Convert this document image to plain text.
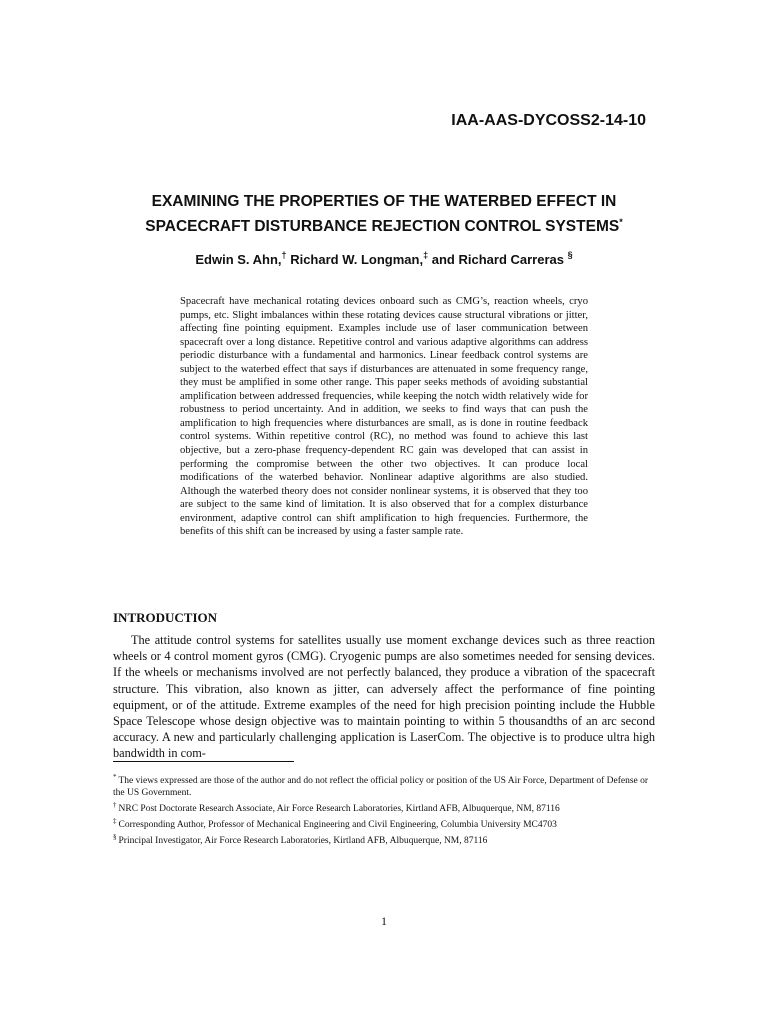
IAA-AAS-DYCOSS2-14-10
EXAMINING THE PROPERTIES OF THE WATERBED EFFECT IN
SPACECRAFT DISTURBANCE REJECTION CONTROL SYSTEMS*
Edwin S. Ahn,† Richard W. Longman,‡ and Richard Carreras §
Spacecraft have mechanical rotating devices onboard such as CMG’s, reaction wheels, cryo pumps, etc. Slight imbalances within these rotating devices cause structural vibrations or jitter, affecting fine pointing equipment. Examples include use of laser communication between spacecraft over a long distance. Repetitive control and various adaptive algorithms can address periodic disturbance with a fundamental and harmonics. Linear feedback control systems are subject to the waterbed effect that says if disturbances are attenuated in some frequency range, they must be amplified in some other range. This paper seeks methods of avoiding substantial amplification between addressed frequencies, while keeping the notch width relatively wide for robustness to period uncertainty. And in addition, we seeks to find ways that can push the amplification to high frequencies where disturbances are small, as is done in routine feedback control systems. Within repetitive control (RC), no method was found to achieve this last objective, but a zero-phase frequency-dependent RC gain was developed that can assist in performing the compromise between the other two objectives. It can produce local modifications of the waterbed behavior. Nonlinear adaptive algorithms are also studied. Although the waterbed theory does not consider nonlinear systems, it is observed that they too are subject to the same kind of limitation. It is also observed that for a complex disturbance environment, adaptive control can shift amplification to high frequencies. Furthermore, the benefits of this shift can be increased by using a faster sample rate.
INTRODUCTION

The attitude control systems for satellites usually use moment exchange devices such as three reaction wheels or 4 control moment gyros (CMG). Cryogenic pumps are also sometimes needed for sensing devices. If the wheels or mechanisms involved are not perfectly balanced, they produce a vibration of the spacecraft structure. This vibration, also known as jitter, can adversely affect the performance of fine pointing equipment, or of the attitude. Extreme examples of the need for high precision pointing include the Hubble Space Telescope whose design objective was to maintain pointing to within 5 thousandths of an arc second accuracy. A new and particularly challenging application is LaserCom. The objective is to produce ultra high bandwidth in com-

* The views expressed are those of the author and do not reflect the official policy or position of the US Air Force, Department of Defense or the US Government.

† NRC Post Doctorate Research Associate, Air Force Research Laboratories, Kirtland AFB, Albuquerque, NM, 87116

‡ Corresponding Author, Professor of Mechanical Engineering and Civil Engineering, Columbia University MC4703

§ Principal Investigator, Air Force Research Laboratories, Kirtland AFB, Albuquerque, NM, 87116

1
